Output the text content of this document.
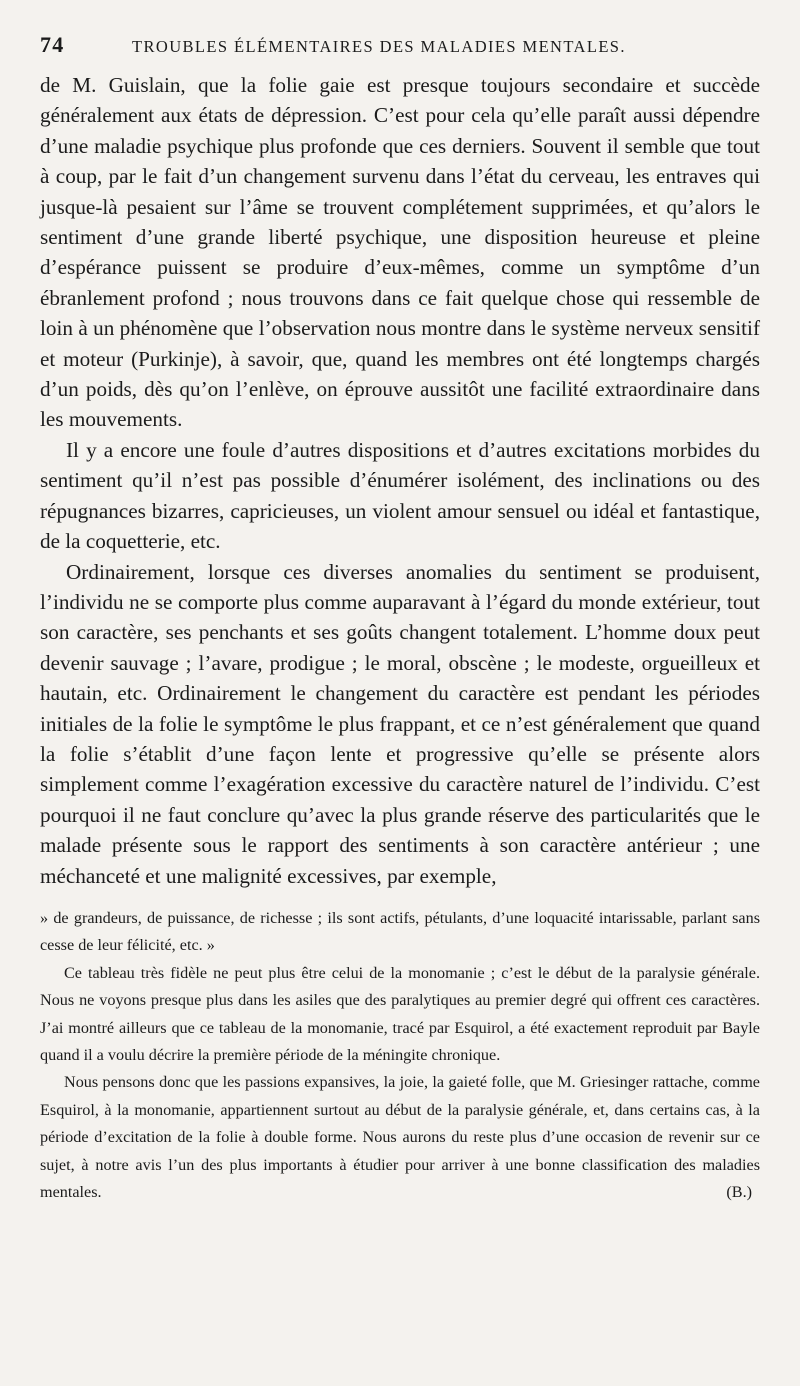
74	TROUBLES ÉLÉMENTAIRES DES MALADIES MENTALES.

de M. Guislain, que la folie gaie est presque toujours secondaire et succède généralement aux états de dépression. C’est pour cela qu’elle paraît aussi dépendre d’une maladie psychique plus profonde que ces derniers. Souvent il semble que tout à coup, par le fait d’un changement survenu dans l’état du cerveau, les entraves qui jusque-là pesaient sur l’âme se trouvent complétement supprimées, et qu’alors le sentiment d’une grande liberté psychique, une disposition heureuse et pleine d’espérance puissent se produire d’eux-mêmes, comme un symptôme d’un ébranlement profond ; nous trouvons dans ce fait quelque chose qui ressemble de loin à un phénomène que l’observation nous montre dans le système nerveux sensitif et moteur (Purkinje), à savoir, que, quand les membres ont été longtemps chargés d’un poids, dès qu’on l’enlève, on éprouve aussitôt une facilité extraordinaire dans les mouvements.

Il y a encore une foule d’autres dispositions et d’autres excitations morbides du sentiment qu’il n’est pas possible d’énumérer isolément, des inclinations ou des répugnances bizarres, capricieuses, un violent amour sensuel ou idéal et fantastique, de la coquetterie, etc.

Ordinairement, lorsque ces diverses anomalies du sentiment se produisent, l’individu ne se comporte plus comme auparavant à l’égard du monde extérieur, tout son caractère, ses penchants et ses goûts changent totalement. L’homme doux peut devenir sauvage ; l’avare, prodigue ; le moral, obscène ; le modeste, orgueilleux et hautain, etc. Ordinairement le changement du caractère est pendant les périodes initiales de la folie le symptôme le plus frappant, et ce n’est généralement que quand la folie s’établit d’une façon lente et progressive qu’elle se présente alors simplement comme l’exagération excessive du caractère naturel de l’individu. C’est pourquoi il ne faut conclure qu’avec la plus grande réserve des particularités que le malade présente sous le rapport des sentiments à son caractère antérieur ; une méchanceté et une malignité excessives, par exemple,

» de grandeurs, de puissance, de richesse ; ils sont actifs, pétulants, d’une loquacité intarissable, parlant sans cesse de leur félicité, etc. »

Ce tableau très fidèle ne peut plus être celui de la monomanie ; c’est le début de la paralysie générale. Nous ne voyons presque plus dans les asiles que des paralytiques au premier degré qui offrent ces caractères. J’ai montré ailleurs que ce tableau de la monomanie, tracé par Esquirol, a été exactement reproduit par Bayle quand il a voulu décrire la première période de la méningite chronique.

Nous pensons donc que les passions expansives, la joie, la gaieté folle, que M. Griesinger rattache, comme Esquirol, à la monomanie, appartiennent surtout au début de la paralysie générale, et, dans certains cas, à la période d’excitation de la folie à double forme. Nous aurons du reste plus d’une occasion de revenir sur ce sujet, à notre avis l’un des plus importants à étudier pour arriver à une bonne classification des maladies mentales.	(B.)
